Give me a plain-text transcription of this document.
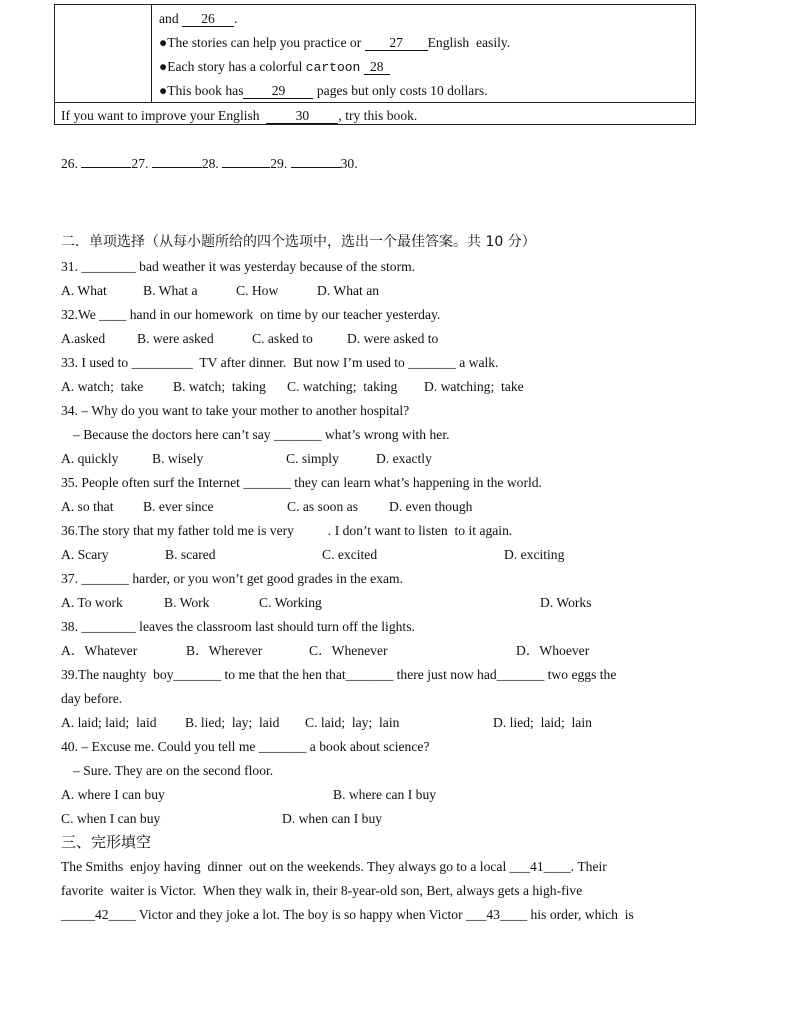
and 26 .
●The stories can help you practice or 27 English  easily.
●Each story has a colorful cartoon 28
●This book has 29 pages but only costs 10 dollars.
If you want to improve your English  30 , try this book.
26.	27.	28.	29.	30.
二．单项选择（从每小题所给的四个选项中，选出一个最佳答案。共 10 分）
31. ________ bad weather it was yesterday because of the storm.
A. What	B. What a	C. How	D. What an
32.We ____ hand in our homework  on time by our teacher yesterday.
A.asked B. were asked	C. asked to	D. were asked to
33. I used to _________  TV after dinner.  But now I’m used to _______ a walk.
A. watch;  take B. watch;  taking C. watching;  taking D. watching;  take
34. – Why do you want to take your mother to another hospital?
– Because the doctors here can’t say _______ what’s wrong with her.
A. quickly B. wisely	C. simply	D. exactly
35. People often surf the Internet _______ they can learn what’s happening in the world.
A. so that B. ever since	C. as soon as D. even though
36.The story that my father told me is very          . I don’t want to listen  to it again.
A. Scary	B. scared	C. excited	D. exciting
37. _______ harder, or you won’t get good grades in the exam.
A. To work	B. Work	C. Working	D. Works
38. ________ leaves the classroom last should turn off the lights.
A．Whatever	B．Wherever	C．Whenever	D．Whoever
39.The naughty  boy_______ to me that the hen that_______ there just now had_______ two eggs the
day before.
A. laid; laid;  laid B. lied;  lay;  laid C. laid;  lay;  lain	D. lied;  laid;  lain
40. – Excuse me. Could you tell me _______ a book about science?
– Sure. They are on the second floor.
A. where I can buy	B. where can I buy
C. when I can buy	D. when can I buy
三、完形填空
The Smiths  enjoy having  dinner  out on the weekends. They always go to a local ___41____. Their
favorite  waiter is Victor.  When they walk in, their 8-year-old son, Bert, always gets a high-five
_____42____ Victor and they joke a lot. The boy is so happy when Victor ___43____ his order, which  is
